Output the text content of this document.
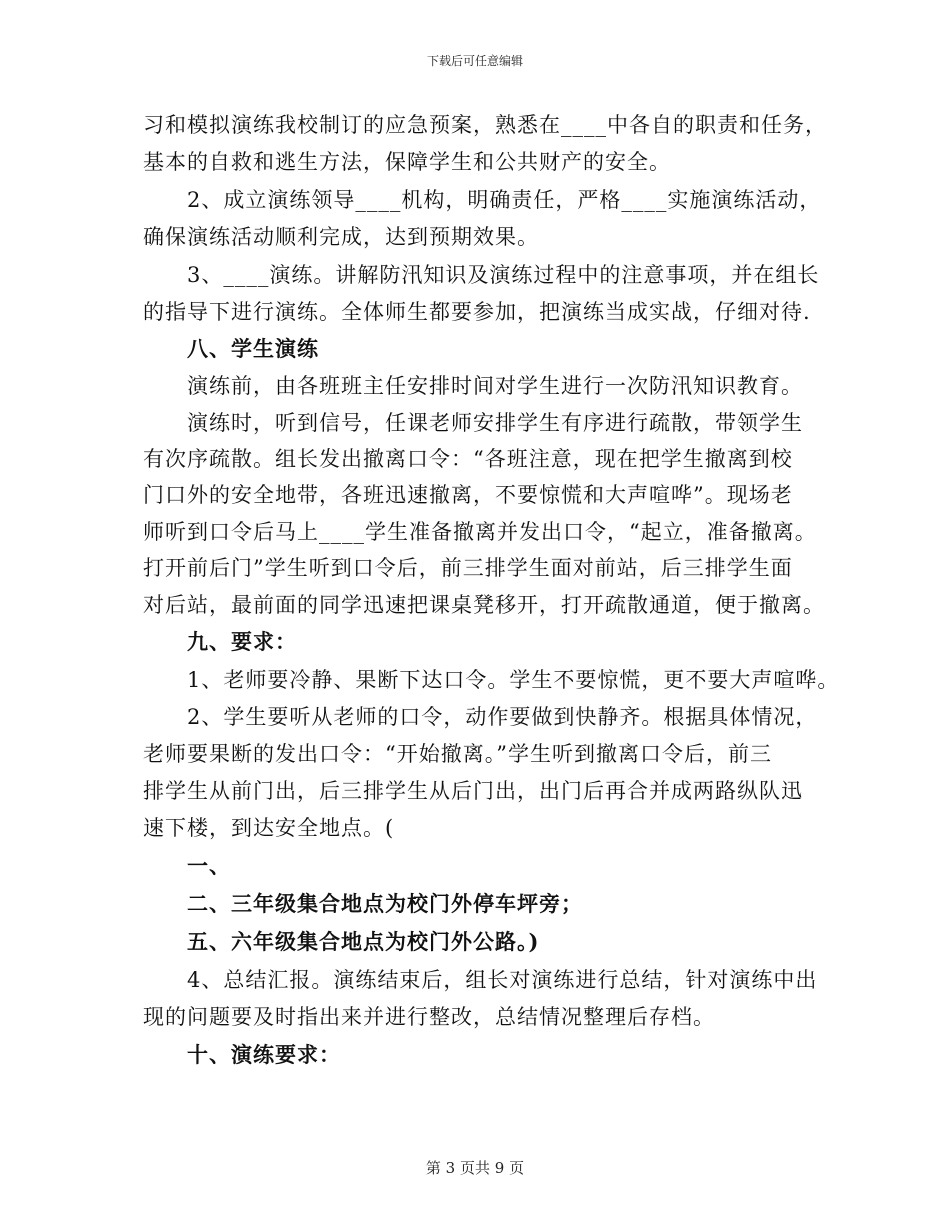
下载后可任意编辑
习和模拟演练我校制订的应急预案，熟悉在____中各自的职责和任务，
基本的自救和逃生方法，保障学生和公共财产的安全。
2、成立演练领导____机构，明确责任，严格____实施演练活动，
确保演练活动顺利完成，达到预期效果。
3、____演练。讲解防汛知识及演练过程中的注意事项，并在组长
的指导下进行演练。全体师生都要参加，把演练当成实战，仔细对待.
八、学生演练
演练前，由各班班主任安排时间对学生进行一次防汛知识教育。
演练时，听到信号，任课老师安排学生有序进行疏散，带领学生
有次序疏散。组长发出撤离口令：“各班注意，现在把学生撤离到校
门口外的安全地带，各班迅速撤离，不要惊慌和大声喧哗”。现场老
师听到口令后马上____学生准备撤离并发出口令，“起立，准备撤离。
打开前后门”学生听到口令后，前三排学生面对前站，后三排学生面
对后站，最前面的同学迅速把课桌凳移开，打开疏散通道，便于撤离。
九、要求：
1、老师要冷静、果断下达口令。学生不要惊慌，更不要大声喧哗。
2、学生要听从老师的口令，动作要做到快静齐。根据具体情况，
老师要果断的发出口令：“开始撤离。”学生听到撤离口令后，前三
排学生从前门出，后三排学生从后门出，出门后再合并成两路纵队迅
速下楼，到达安全地点。(
一、
二、三年级集合地点为校门外停车坪旁；
五、六年级集合地点为校门外公路。)
4、总结汇报。演练结束后，组长对演练进行总结，针对演练中出
现的问题要及时指出来并进行整改，总结情况整理后存档。
十、演练要求：
第 3 页共 9 页
